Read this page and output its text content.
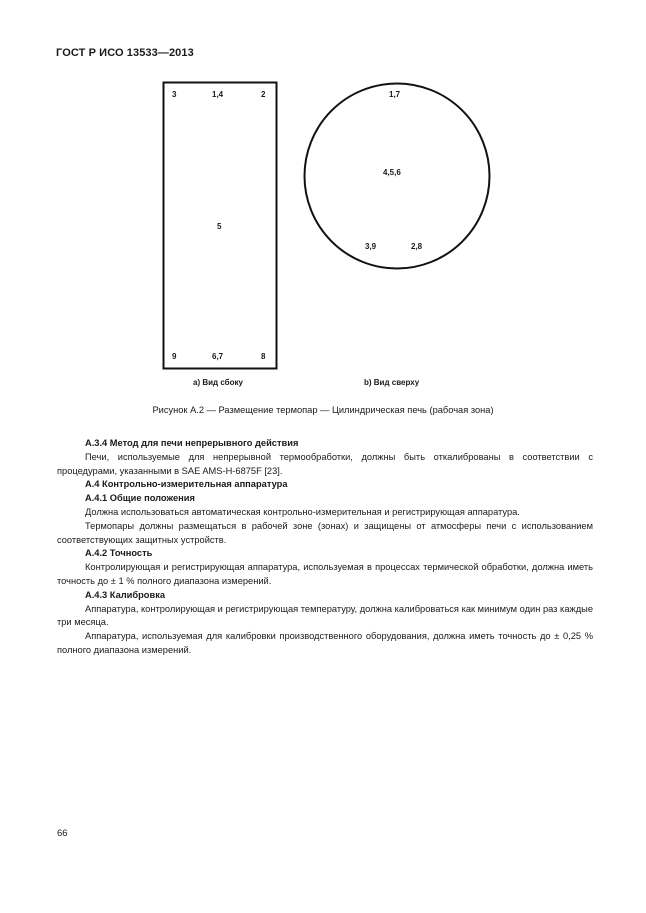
ГОСТ Р ИСО 13533—2013
3	1,4	2
5
9	6,7	8
1,7
4,5,6
3,9	2,8
а) Вид сбоку	b) Вид сверху
Рисунок А.2 — Размещение термопар — Цилиндрическая печь (рабочая зона)

А.3.4 Метод для печи непрерывного действия

Печи, используемые для непрерывной термообработки, должны быть откалиброваны в соответствии с процедурами, указанными в SAE AMS-H-6875F [23].

А.4 Контрольно-измерительная аппаратура

А.4.1 Общие положения

Должна использоваться автоматическая контрольно-измерительная и регистрирующая аппаратура.

Термопары должны размещаться в рабочей зоне (зонах) и защищены от атмосферы печи с использованием соответствующих защитных устройств.

А.4.2 Точность

Контролирующая и регистрирующая аппаратура, используемая в процессах термической обработки, должна иметь точность до ± 1 % полного диапазона измерений.

А.4.3 Калибровка

Аппаратура, контролирующая и регистрирующая температуру, должна калиброваться как минимум один раз каждые три месяца.

Аппаратура, используемая для калибровки производственного оборудования, должна иметь точность до ± 0,25 % полного диапазона измерений.

66
